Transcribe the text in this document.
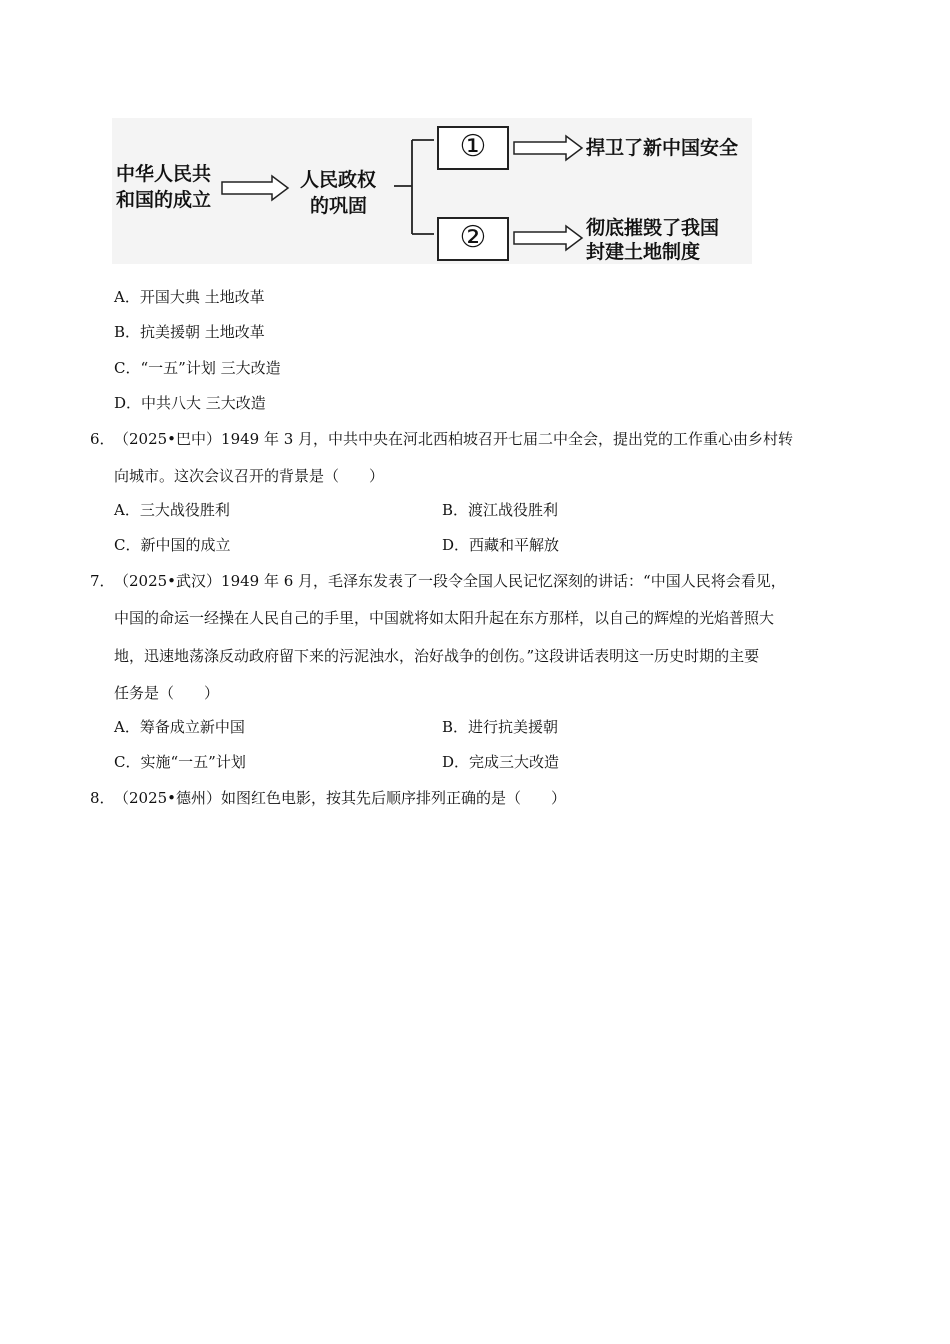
中华人民共
和国的成立
人民政权
的巩固
①
②
捍卫了新中国安全
彻底摧毁了我国
封建土地制度
A．开国大典 土地改革
B．抗美援朝 土地改革
C．“一五”计划 三大改造
D．中共八大 三大改造
6． （2025•巴中）1949 年 3 月，中共中央在河北西柏坡召开七届二中全会，提出党的工作重心由乡村转
向城市。这次会议召开的背景是（　　）
A．三大战役胜利	B．渡江战役胜利
C．新中国的成立	D．西藏和平解放
7． （2025•武汉）1949 年 6 月，毛泽东发表了一段令全国人民记忆深刻的讲话：“中国人民将会看见，
中国的命运一经操在人民自己的手里，中国就将如太阳升起在东方那样，以自己的辉煌的光焰普照大
地，迅速地荡涤反动政府留下来的污泥浊水，治好战争的创伤。”这段讲话表明这一历史时期的主要
任务是（　　）
A．筹备成立新中国	B．进行抗美援朝
C．实施“一五”计划	D．完成三大改造
8． （2025•德州）如图红色电影，按其先后顺序排列正确的是（　　）
